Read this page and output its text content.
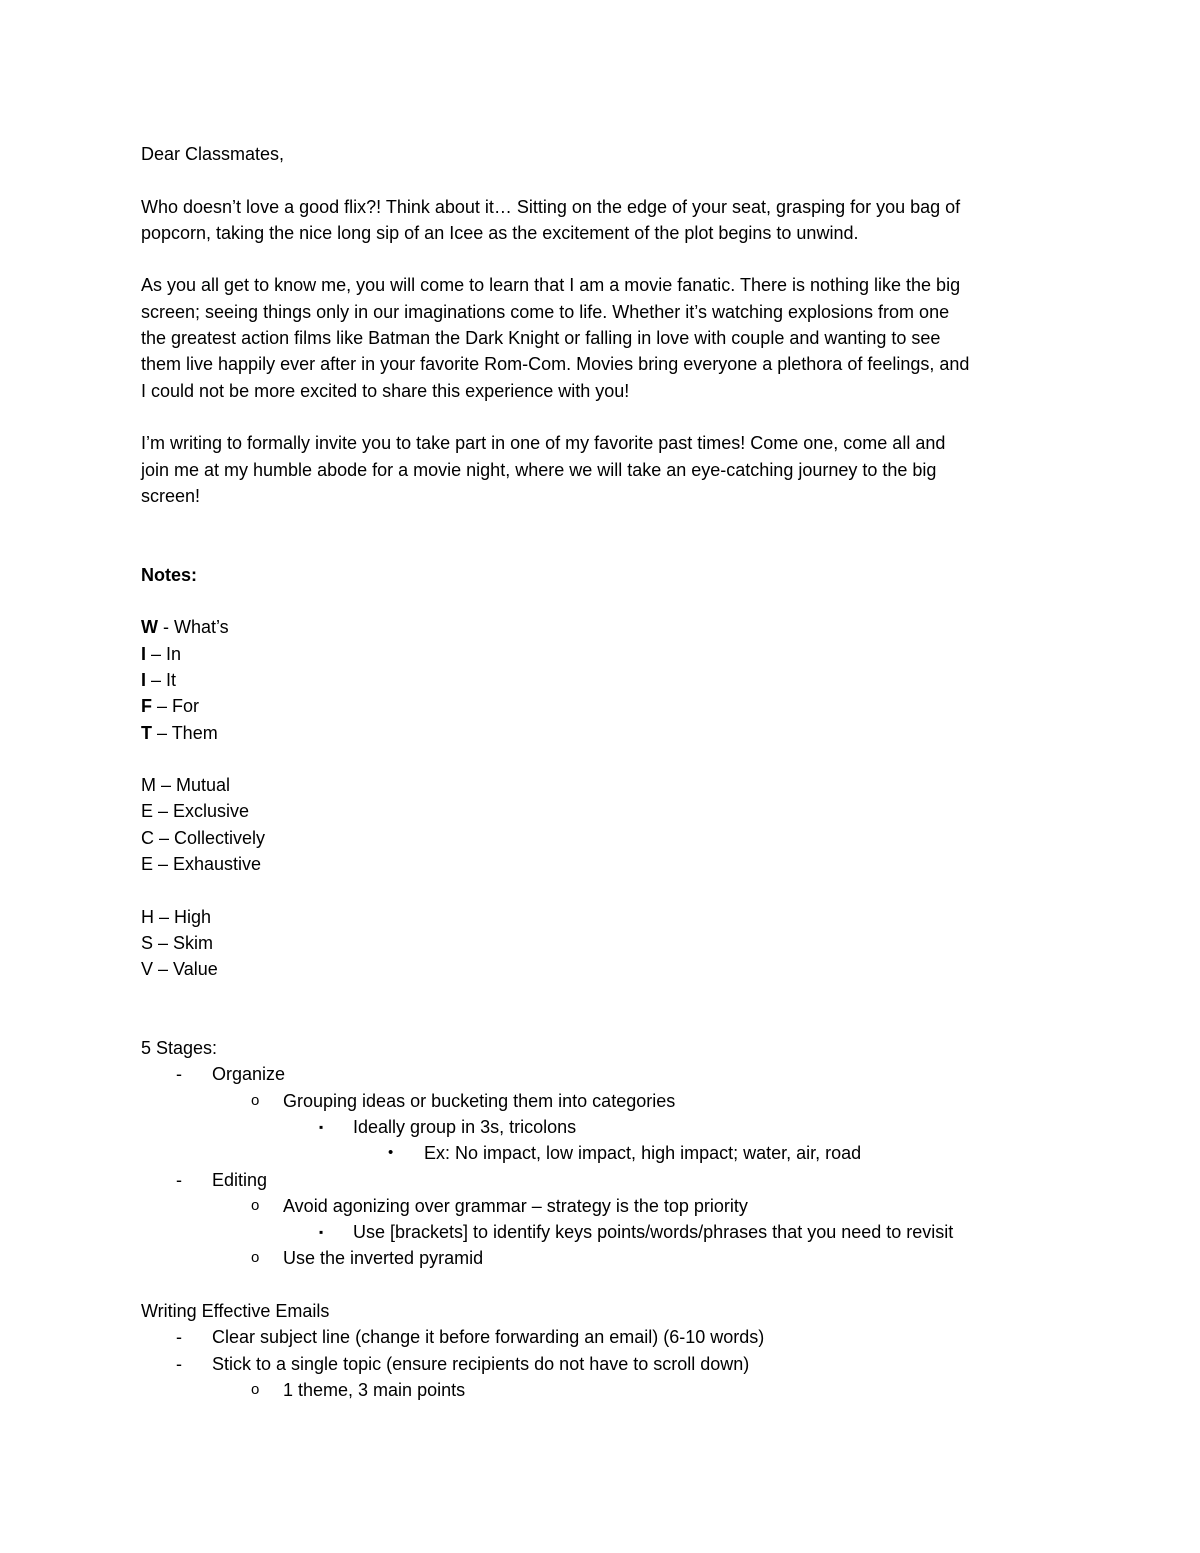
Dear Classmates,

Who doesn’t love a good flix?! Think about it… Sitting on the edge of your seat, grasping for you bag of

popcorn, taking the nice long sip of an Icee as the excitement of the plot begins to unwind.

As you all get to know me, you will come to learn that I am a movie fanatic. There is nothing like the big

screen; seeing things only in our imaginations come to life. Whether it’s watching explosions from one

the greatest action films like Batman the Dark Knight or falling in love with couple and wanting to see

them live happily ever after in your favorite Rom-Com. Movies bring everyone a plethora of feelings, and

I could not be more excited to share this experience with you!

I’m writing to formally invite you to take part in one of my favorite past times! Come one, come all and

join me at my humble abode for a movie night, where we will take an eye-catching journey to the big

screen!

Notes:

W - What’s

I – In

I – It

F – For

T – Them

M – Mutual

E – Exclusive

C – Collectively

E – Exhaustive

H – High

S – Skim

V – Value

5 Stages:

- Organize
o Grouping ideas or bucketing them into categories
▪ Ideally group in 3s, tricolons
• Ex: No impact, low impact, high impact; water, air, road
- Editing
o Avoid agonizing over grammar – strategy is the top priority
▪ Use [brackets] to identify keys points/words/phrases that you need to revisit
o Use the inverted pyramid

Writing Effective Emails

- Clear subject line (change it before forwarding an email) (6-10 words)
- Stick to a single topic (ensure recipients do not have to scroll down)
o 1 theme, 3 main points
